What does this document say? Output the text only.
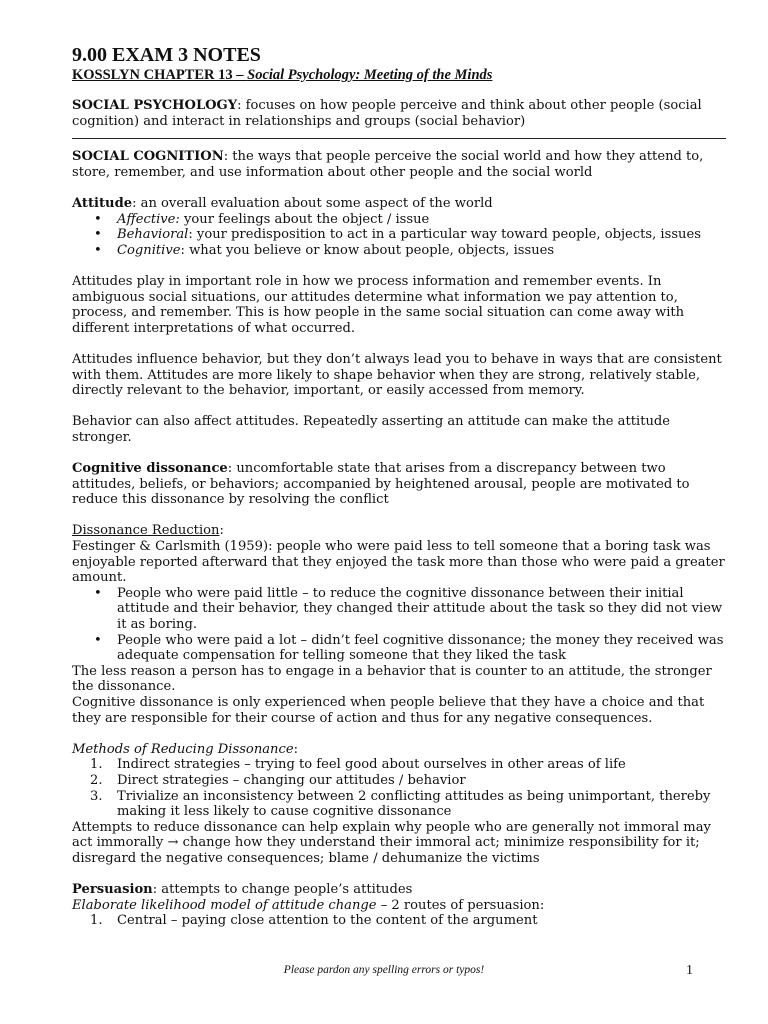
9.00 EXAM 3 NOTES

KOSSLYN CHAPTER 13 – Social Psychology: Meeting of the Minds

SOCIAL PSYCHOLOGY: focuses on how people perceive and think about other people (social cognition) and interact in relationships and groups (social behavior)

SOCIAL COGNITION: the ways that people perceive the social world and how they attend to, store, remember, and use information about other people and the social world

Attitude: an overall evaluation about some aspect of the world

• Affective: your feelings about the object / issue
• Behavioral: your predisposition to act in a particular way toward people, objects, issues
• Cognitive: what you believe or know about people, objects, issues

Attitudes play in important role in how we process information and remember events. In ambiguous social situations, our attitudes determine what information we pay attention to, process, and remember. This is how people in the same social situation can come away with different interpretations of what occurred.

Attitudes influence behavior, but they don’t always lead you to behave in ways that are consistent with them. Attitudes are more likely to shape behavior when they are strong, relatively stable, directly relevant to the behavior, important, or easily accessed from memory.

Behavior can also affect attitudes. Repeatedly asserting an attitude can make the attitude stronger.

Cognitive dissonance: uncomfortable state that arises from a discrepancy between two attitudes, beliefs, or behaviors; accompanied by heightened arousal, people are motivated to reduce this dissonance by resolving the conflict

Dissonance Reduction:

Festinger & Carlsmith (1959): people who were paid less to tell someone that a boring task was enjoyable reported afterward that they enjoyed the task more than those who were paid a greater amount.

• People who were paid little – to reduce the cognitive dissonance between their initial attitude and their behavior, they changed their attitude about the task so they did not view it as boring.
• People who were paid a lot – didn’t feel cognitive dissonance; the money they received was adequate compensation for telling someone that they liked the task

The less reason a person has to engage in a behavior that is counter to an attitude, the stronger the dissonance.

Cognitive dissonance is only experienced when people believe that they have a choice and that they are responsible for their course of action and thus for any negative consequences.

Methods of Reducing Dissonance:

1. Indirect strategies – trying to feel good about ourselves in other areas of life
2. Direct strategies – changing our attitudes / behavior
3. Trivialize an inconsistency between 2 conflicting attitudes as being unimportant, thereby making it less likely to cause cognitive dissonance

Attempts to reduce dissonance can help explain why people who are generally not immoral may act immorally → change how they understand their immoral act; minimize responsibility for it; disregard the negative consequences; blame / dehumanize the victims

Persuasion: attempts to change people’s attitudes

Elaborate likelihood model of attitude change – 2 routes of persuasion:

1. Central – paying close attention to the content of the argument
Please pardon any spelling errors or typos!	1
